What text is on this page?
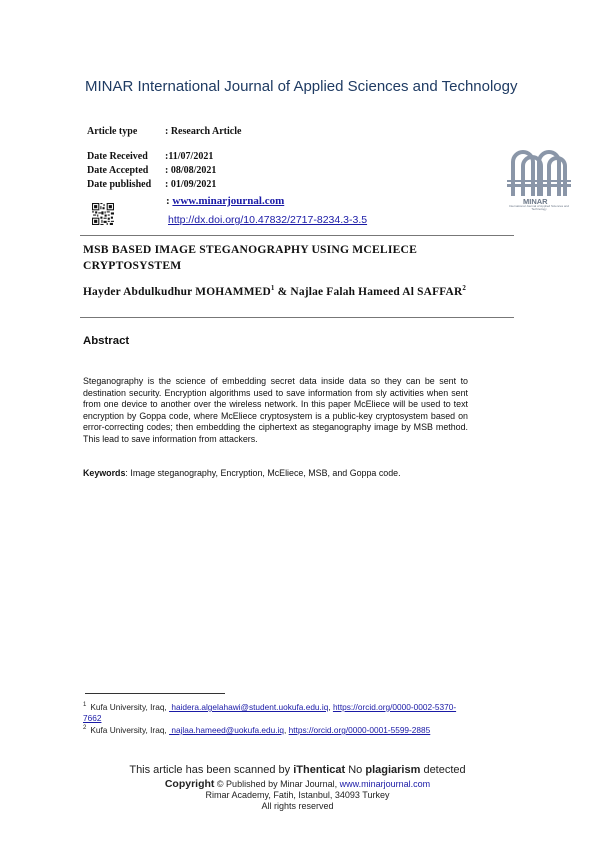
MINAR International Journal of Applied Sciences and Technology
Article type	: Research Article
Date Received :11/07/2021
Date Accepted : 08/08/2021
Date published : 01/09/2021
: www.minarjournal.com
http://dx.doi.org/10.47832/2717-8234.3-3.5
MINAR
International Journal of Applied Sciences and Technology
MSB BASED IMAGE STEGANOGRAPHY USING MCELIECE CRYPTOSYSTEM
Hayder Abdulkudhur MOHAMMED$^1$ & Najlae Falah Hameed Al SAFFAR$^2$
Abstract
Steganography is the science of embedding secret data inside data so they can be sent to destination security. Encryption algorithms used to save information from sly activities when sent from one device to another over the wireless network. In this paper McEliece will be used to text encryption by Goppa code, where McEliece cryptosystem is a public-key cryptosystem based on error-correcting codes; then embedding the ciphertext as steganography image by MSB method. This lead to save information from attackers.
Keywords: Image steganography, Encryption, McEliece, MSB, and Goppa code.
$^1$ Kufa University, Iraq,  haidera.algelahawi@student.uokufa.edu.iq, https://orcid.org/0000-0002-5370-
7662
$^2$ Kufa University, Iraq,  najlaa.hameed@uokufa.edu.iq, https://orcid.org/0000-0001-5599-2885
This article has been scanned by iThenticat No plagiarism detected
Copyright © Published by Minar Journal, www.minarjournal.com
Rimar Academy, Fatih, Istanbul, 34093 Turkey
All rights reserved
